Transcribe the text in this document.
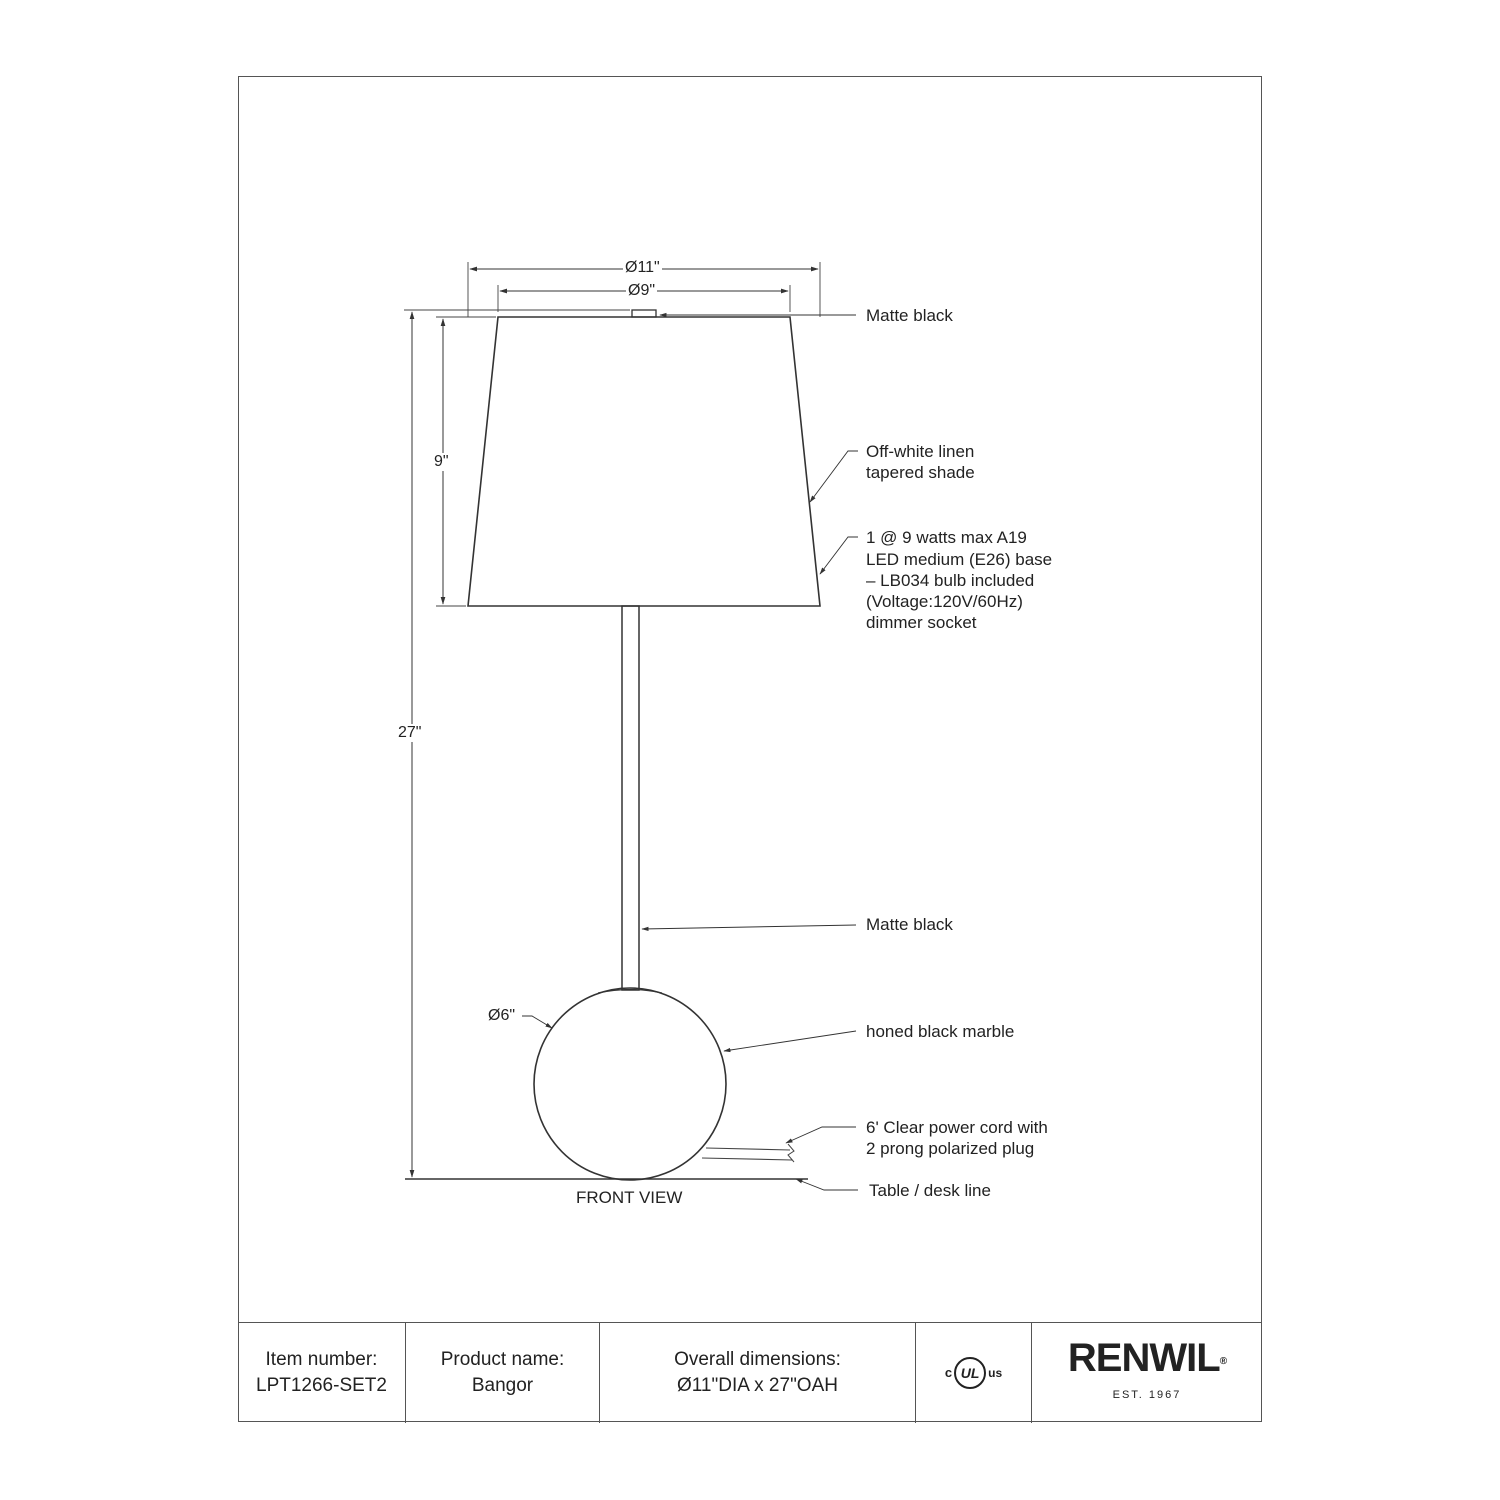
Ø11"
Ø9"
9"
27"
Ø6"
Matte black
Off-white linen
tapered shade
1 @ 9 watts max A19
LED medium (E26) base
– LB034 bulb included
(Voltage:120V/60Hz)
dimmer socket
Matte black
honed black marble
6' Clear power cord with
2 prong polarized plug
Table / desk line
FRONT VIEW
Item number:
LPT1266-SET2
Product name:
Bangor
Overall dimensions:
Ø11"DIA x 27"OAH
c UL us RENWIL®
EST. 1967
